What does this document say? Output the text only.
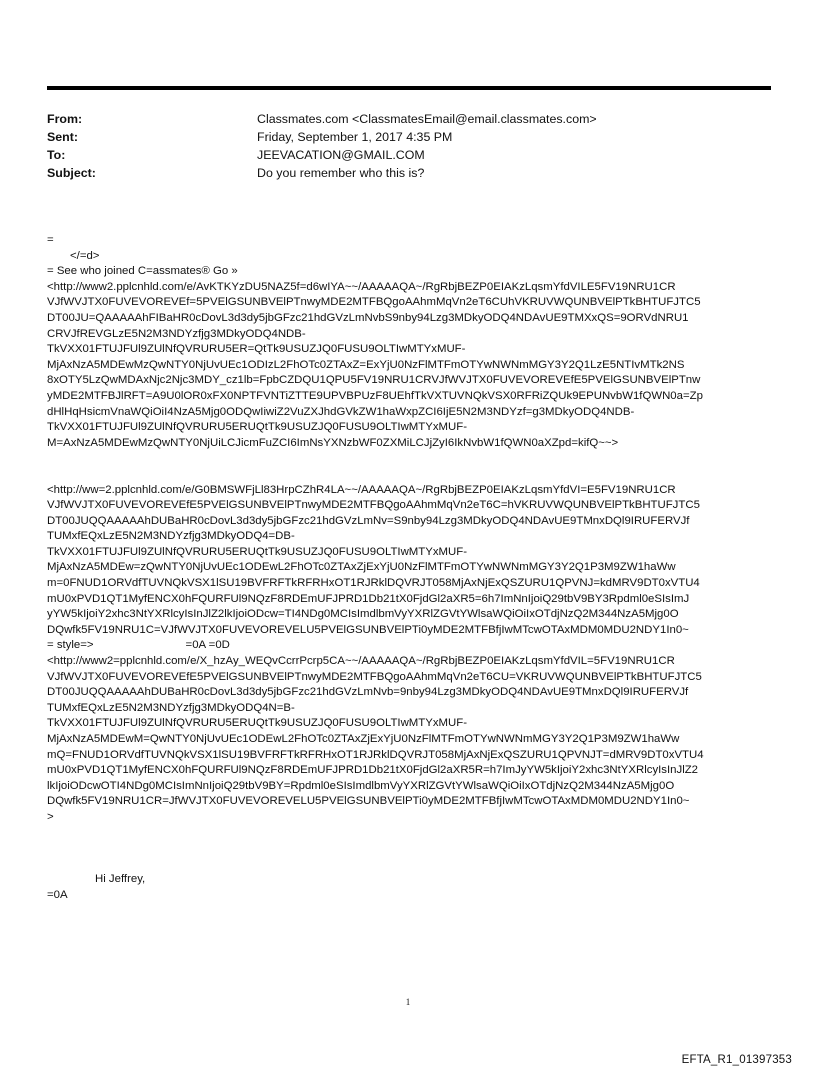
From:	Classmates.com <ClassmatesEmail@email.classmates.com>
Sent:	Friday, September 1, 2017 4:35 PM
To:	JEEVACATION@GMAIL.COM
Subject:	Do you remember who this is?
=
</=d>
= See who joined C=assmates® Go »
<http://www2.pplcnhld.com/e/AvKTKYzDU5NAZ5f=d6wIYA~~/AAAAAQA~/RgRbjBEZP0EIAKzLqsmYfdVILE5FV19NRU1CR
VJfWVJTX0FUVEVOREVEf=5PVElGSUNBVElPTnwyMDE2MTFBQgoAAhmMqVn2eT6CUhVKRUVWQUNBVElPTkBHTUFJTC5
DT00JU=QAAAAAhFIBaHR0cDovL3d3dy5jbGFzc21hdGVzLmNvbS9nby94Lzg3MDkyODQ4NDAvUE9TMXxQS=9ORVdNRU1
CRVJfREVGLzE5N2M3NDYzfjg3MDkyODQ4NDB-
TkVXX01FTUJFUl9ZUlNfQVRURU5ER=QtTk9USUZJQ0FUSU9OLTIwMTYxMUF-
MjAxNzA5MDEwMzQwNTY0NjUvUEc1ODIzL2FhOTc0ZTAxZ=ExYjU0NzFlMTFmOTYwNWNmMGY3Y2Q1LzE5NTIvMTk2NS
8xOTY5LzQwMDAxNjc2Njc3MDY_cz1lb=FpbCZDQU1QPU5FV19NRU1CRVJfWVJTX0FUVEVOREVEfE5PVElGSUNBVElPTnw
yMDE2MTFBJlRFT=A9U0lOR0xFX0NPTFVNTiZTTE9UPVBPUzF8UEhfTkVXTUVNQkVSX0RFRiZQUk9EPUNvbW1fQWN0a=Zp
dHlHqHsicmVnaWQiOiI4NzA5Mjg0ODQwIiwiZ2VuZXJhdGVkZW1haWxpZCI6IjE5N2M3NDYzf=g3MDkyODQ4NDB-
TkVXX01FTUJFUl9ZUlNfQVRURU5ERUQtTk9USUZJQ0FUSU9OLTIwMTYxMUF-
M=AxNzA5MDEwMzQwNTY0NjUiLCJicmFuZCI6ImNsYXNzbWF0ZXMiLCJjZyI6IkNvbW1fQWN0aXZpd=kifQ~~>
<http://ww=2.pplcnhld.com/e/G0BMSWFjLl83HrpCZhR4LA~~/AAAAAQA~/RgRbjBEZP0EIAKzLqsmYfdVI=E5FV19NRU1CR
VJfWVJTX0FUVEVOREVEfE5PVElGSUNBVElPTnwyMDE2MTFBQgoAAhmMqVn2eT6C=hVKRUVWQUNBVElPTkBHTUFJTC5
DT00JUQQAAAAAhDUBaHR0cDovL3d3dy5jbGFzc21hdGVzLmNv=S9nby94Lzg3MDkyODQ4NDAvUE9TMnxDQl9IRUFERVJf
TUMxfEQxLzE5N2M3NDYzfjg3MDkyODQ4=DB-
TkVXX01FTUJFUl9ZUlNfQVRURU5ERUQtTk9USUZJQ0FUSU9OLTIwMTYxMUF-
MjAxNzA5MDEw=zQwNTY0NjUvUEc1ODEwL2FhOTc0ZTAxZjExYjU0NzFlMTFmOTYwNWNmMGY3Y2Q1P3M9ZW1haWw
m=0FNUD1ORVdfTUVNQkVSX1lSU19BVFRFTkRFRHxOT1RJRklDQVRJT058MjAxNjExQSZURU1QPVNJ=kdMRV9DT0xVTU4
mU0xPVD1QT1MyfENCX0hFQURFUl9NQzF8RDEmUFJPRD1Db21tX0FjdGl2aXR5=6h7ImNnIjoiQ29tbV9BY3Rpdml0eSIsImJ
yYW5kIjoiY2xhc3NtYXRlcyIsInJlZ2lkIjoiODcw=TI4NDg0MCIsImdlbmVyYXRlZGVtYWlsaWQiOiIxOTdjNzQ2M344NzA5Mjg0O
DQwfk5FV19NRU1C=VJfWVJTX0FUVEVOREVELU5PVElGSUNBVElPTi0yMDE2MTFBfjIwMTcwOTAxMDM0MDU2NDY1In0~
= style=>	=0A =0D
<http://www2=pplcnhld.com/e/X_hzAy_WEQvCcrrPcrp5CA~~/AAAAAQA~/RgRbjBEZP0EIAKzLqsmYfdVIL=5FV19NRU1CR
VJfWVJTX0FUVEVOREVEfE5PVElGSUNBVElPTnwyMDE2MTFBQgoAAhmMqVn2eT6CU=VKRUVWQUNBVElPTkBHTUFJTC5
DT00JUQQAAAAAhDUBaHR0cDovL3d3dy5jbGFzc21hdGVzLmNvb=9nby94Lzg3MDkyODQ4NDAvUE9TMnxDQl9IRUFERVJf
TUMxfEQxLzE5N2M3NDYzfjg3MDkyODQ4N=B-
TkVXX01FTUJFUl9ZUlNfQVRURU5ERUQtTk9USUZJQ0FUSU9OLTIwMTYxMUF-
MjAxNzA5MDEwM=QwNTY0NjUvUEc1ODEwL2FhOTc0ZTAxZjExYjU0NzFlMTFmOTYwNWNmMGY3Y2Q1P3M9ZW1haWw
mQ=FNUD1ORVdfTUVNQkVSX1lSU19BVFRFTkRFRHxOT1RJRklDQVRJT058MjAxNjExQSZURU1QPVNJT=dMRV9DT0xVTU4
mU0xPVD1QT1MyfENCX0hFQURFUl9NQzF8RDEmUFJPRD1Db21tX0FjdGl2aXR5R=h7ImJyYW5kIjoiY2xhc3NtYXRlcyIsInJlZ2
lkIjoiODcwOTI4NDg0MCIsImNnIjoiQ29tbV9BY=Rpdml0eSIsImdlbmVyYXRlZGVtYWlsaWQiOiIxOTdjNzQ2M344NzA5Mjg0O
DQwfk5FV19NRU1CR=JfWVJTX0FUVEVOREVELU5PVElGSUNBVElPTi0yMDE2MTFBfjIwMTcwOTAxMDM0MDU2NDY1In0~
>
Hi Jeffrey,
=0A
1
EFTA_R1_01397353
